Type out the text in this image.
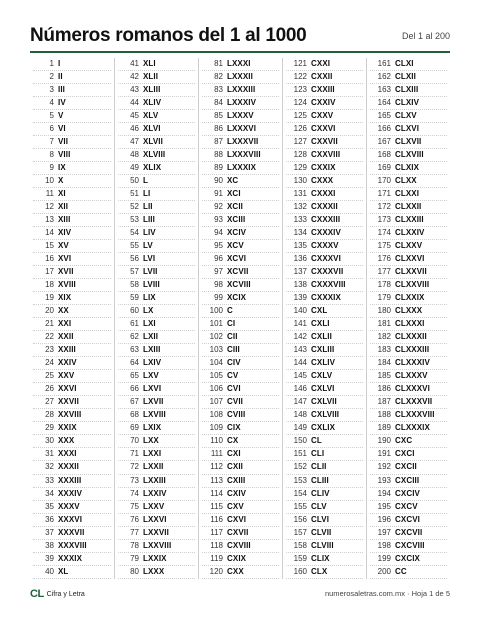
Números romanos del 1 al 1000	Del 1 al 200
1 I
2 II
3 III
4 IV
5 V
6 VI
7 VII
8 VIII
9 IX
10 X
11 XI
12 XII
13 XIII
14 XIV
15 XV
16 XVI
17 XVII
18 XVIII
19 XIX
20 XX
21 XXI
22 XXII
23 XXIII
24 XXIV
25 XXV
26 XXVI
27 XXVII
28 XXVIII
29 XXIX
30 XXX
31 XXXI
32 XXXII
33 XXXIII
34 XXXIV
35 XXXV
36 XXXVI
37 XXXVII
38 XXXVIII
39 XXXIX
40 XL
41 XLI
42 XLII
43 XLIII
44 XLIV
45 XLV
46 XLVI
47 XLVII
48 XLVIII
49 XLIX
50 L
51 LI
52 LII
53 LIII
54 LIV
55 LV
56 LVI
57 LVII
58 LVIII
59 LIX
60 LX
61 LXI
62 LXII
63 LXIII
64 LXIV
65 LXV
66 LXVI
67 LXVII
68 LXVIII
69 LXIX
70 LXX
71 LXXI
72 LXXII
73 LXXIII
74 LXXIV
75 LXXV
76 LXXVI
77 LXXVII
78 LXXVIII
79 LXXIX
80 LXXX
81 LXXXI
82 LXXXII
83 LXXXIII
84 LXXXIV
85 LXXXV
86 LXXXVI
87 LXXXVII
88 LXXXVIII
89 LXXXIX
90 XC
91 XCI
92 XCII
93 XCIII
94 XCIV
95 XCV
96 XCVI
97 XCVII
98 XCVIII
99 XCIX
100 C
101 CI
102 CII
103 CIII
104 CIV
105 CV
106 CVI
107 CVII
108 CVIII
109 CIX
110 CX
111 CXI
112 CXII
113 CXIII
114 CXIV
115 CXV
116 CXVI
117 CXVII
118 CXVIII
119 CXIX
120 CXX
121 CXXI
122 CXXII
123 CXXIII
124 CXXIV
125 CXXV
126 CXXVI
127 CXXVII
128 CXXVIII
129 CXXIX
130 CXXX
131 CXXXI
132 CXXXII
133 CXXXIII
134 CXXXIV
135 CXXXV
136 CXXXVI
137 CXXXVII
138 CXXXVIII
139 CXXXIX
140 CXL
141 CXLI
142 CXLII
143 CXLIII
144 CXLIV
145 CXLV
146 CXLVI
147 CXLVII
148 CXLVIII
149 CXLIX
150 CL
151 CLI
152 CLII
153 CLIII
154 CLIV
155 CLV
156 CLVI
157 CLVII
158 CLVIII
159 CLIX
160 CLX
161 CLXI
162 CLXII
163 CLXIII
164 CLXIV
165 CLXV
166 CLXVI
167 CLXVII
168 CLXVIII
169 CLXIX
170 CLXX
171 CLXXI
172 CLXXII
173 CLXXIII
174 CLXXIV
175 CLXXV
176 CLXXVI
177 CLXXVII
178 CLXXVIII
179 CLXXIX
180 CLXXX
181 CLXXXI
182 CLXXXII
183 CLXXXIII
184 CLXXXIV
185 CLXXXV
186 CLXXXVI
187 CLXXXVII
188 CLXXXVIII
189 CLXXXIX
190 CXC
191 CXCI
192 CXCII
193 CXCIII
194 CXCIV
195 CXCV
196 CXCVI
197 CXCVII
198 CXCVIII
199 CXCIX
200 CC
CL Cifra y Letra	numerosaletras.com.mx · Hoja 1 de 5
